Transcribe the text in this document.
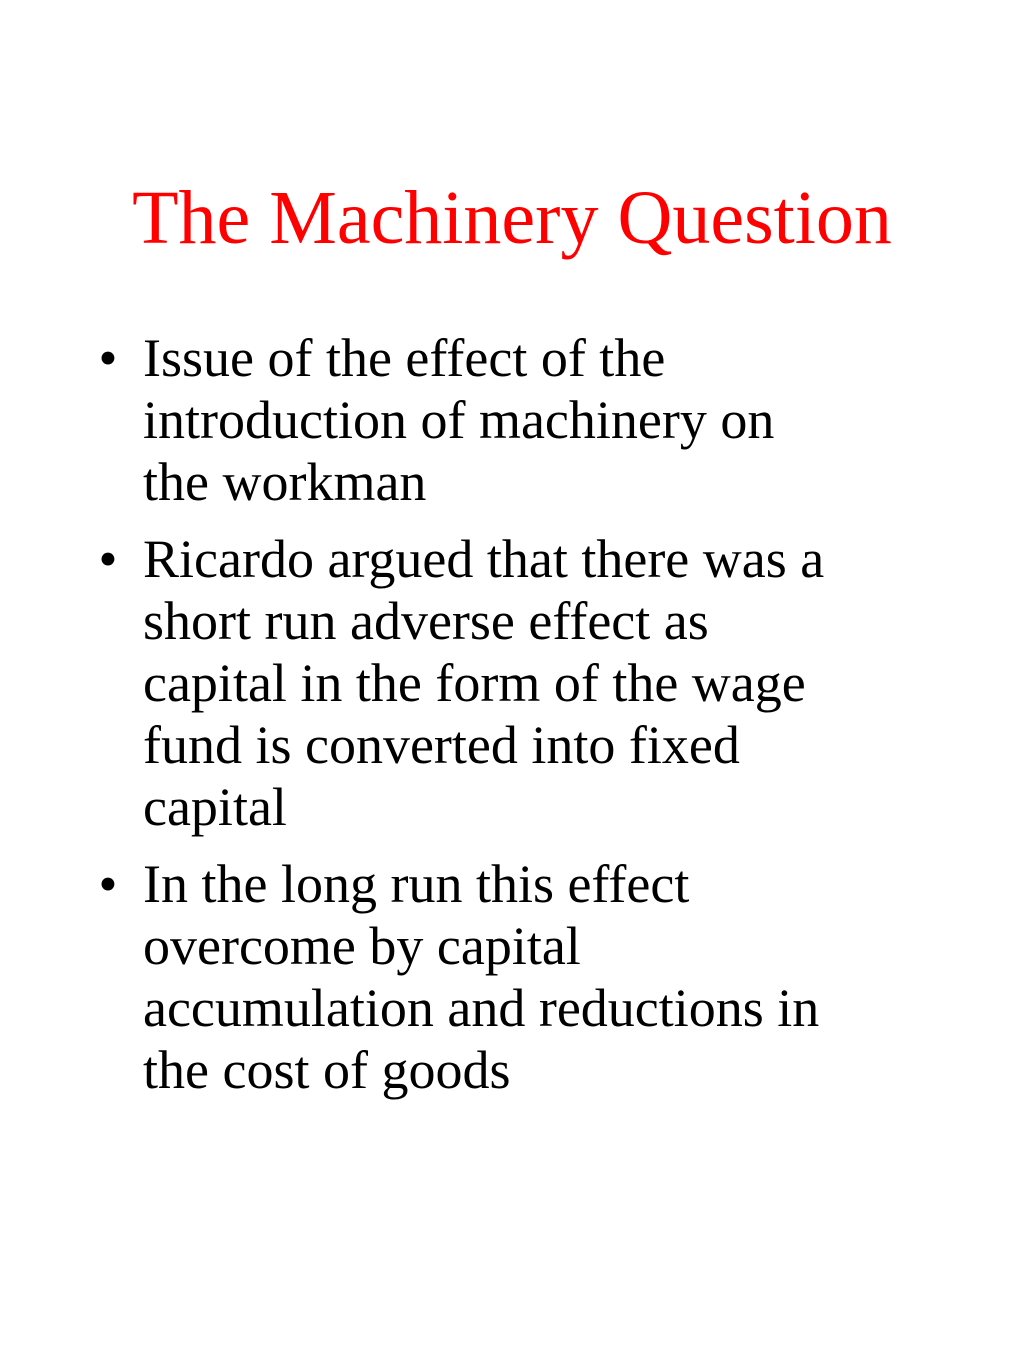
The Machinery Question
• Issue of the effect of the
introduction of machinery on
the workman
• Ricardo argued that there was a
short run adverse effect as
capital in the form of the wage
fund is converted into fixed
capital
• In the long run this effect
overcome by capital
accumulation and reductions in
the cost of goods
